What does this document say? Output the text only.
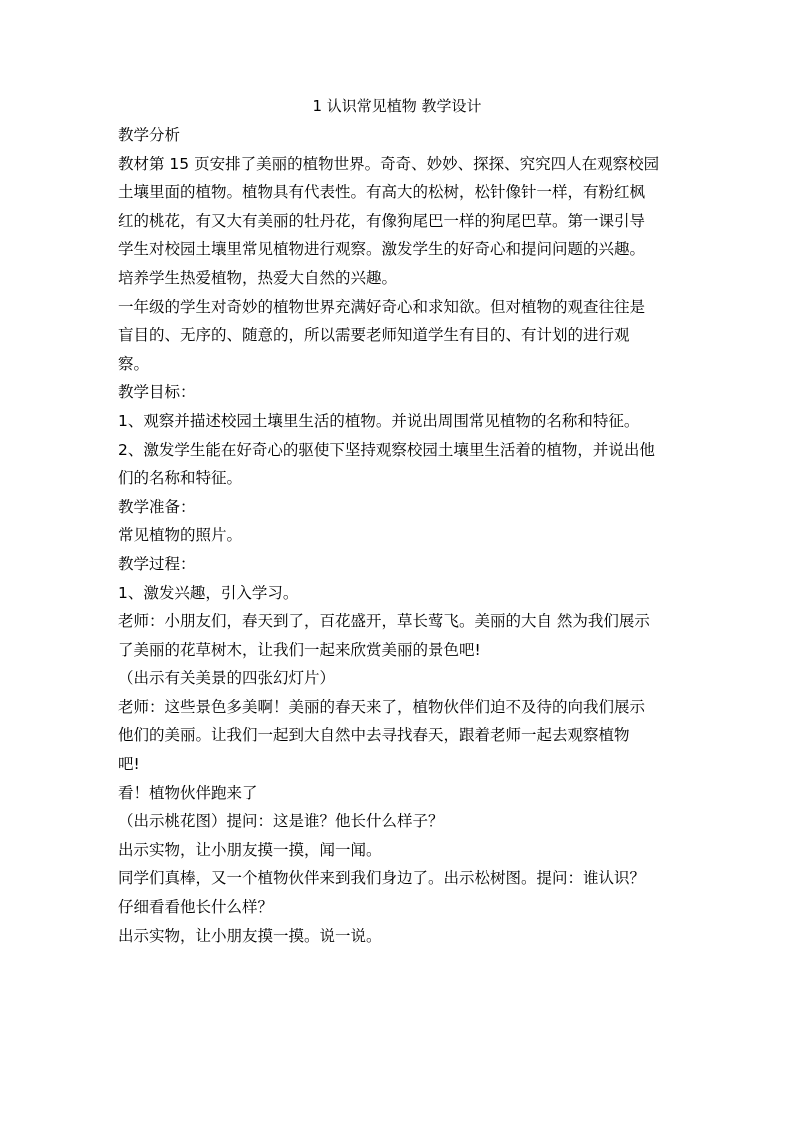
1 认识常见植物 教学设计
教学分析
教材第 15 页安排了美丽的植物世界。奇奇、妙妙、探探、究究四人在观察校园
土壤里面的植物。植物具有代表性。有高大的松树，松针像针一样，有粉红枫
红的桃花，有又大有美丽的牡丹花，有像狗尾巴一样的狗尾巴草。第一课引导
学生对校园土壤里常见植物进行观察。激发学生的好奇心和提问问题的兴趣。
培养学生热爱植物，热爱大自然的兴趣。
一年级的学生对奇妙的植物世界充满好奇心和求知欲。但对植物的观查往往是
盲目的、无序的、随意的，所以需要老师知道学生有目的、有计划的进行观
察。
教学目标：
1、观察并描述校园土壤里生活的植物。并说出周围常见植物的名称和特征。
2、激发学生能在好奇心的驱使下坚持观察校园土壤里生活着的植物，并说出他
们的名称和特征。
教学准备：
常见植物的照片。
教学过程：
1、激发兴趣，引入学习。
老师：小朋友们，春天到了，百花盛开，草长莺飞。美丽的大自 然为我们展示
了美丽的花草树木，让我们一起来欣赏美丽的景色吧!
（出示有关美景的四张幻灯片）
老师：这些景色多美啊！美丽的春天来了，植物伙伴们迫不及待的向我们展示
他们的美丽。让我们一起到大自然中去寻找春天，跟着老师一起去观察植物
吧!
看！植物伙伴跑来了
（出示桃花图）提问：这是谁？他长什么样子？
出示实物，让小朋友摸一摸，闻一闻。
同学们真棒，又一个植物伙伴来到我们身边了。出示松树图。提问：谁认识？
仔细看看他长什么样？
出示实物，让小朋友摸一摸。说一说。
